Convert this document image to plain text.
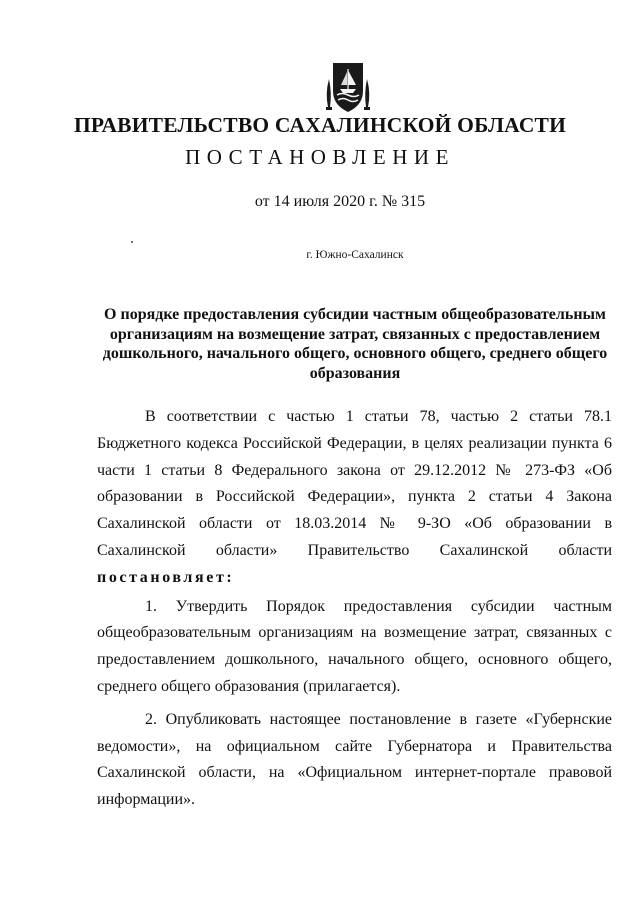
ПРАВИТЕЛЬСТВО САХАЛИНСКОЙ ОБЛАСТИ
ПОСТАНОВЛЕНИЕ
от 14 июля 2020 г. № 315
г. Южно-Сахалинск
О порядке предоставления субсидии частным общеобразовательным организациям на возмещение затрат, связанных с предоставлением дошкольного, начального общего, основного общего, среднего общего образования

В соответствии с частью 1 статьи 78, частью 2 статьи 78.1 Бюджетного кодекса Российской Федерации, в целях реализации пункта 6 части 1 статьи 8 Федерального закона от 29.12.2012 № 273-ФЗ «Об образовании в Российской Федерации», пункта 2 статьи 4 Закона Сахалинской области от 18.03.2014 № 9-ЗО «Об образовании в Сахалинской области» Правительство Сахалинской области постановляет:

1. Утвердить Порядок предоставления субсидии частным общеобразовательным организациям на возмещение затрат, связанных с предоставлением дошкольного, начального общего, основного общего, среднего общего образования (прилагается).

2. Опубликовать настоящее постановление в газете «Губернские ведомости», на официальном сайте Губернатора и Правительства Сахалинской области, на «Официальном интернет-портале правовой информации».
